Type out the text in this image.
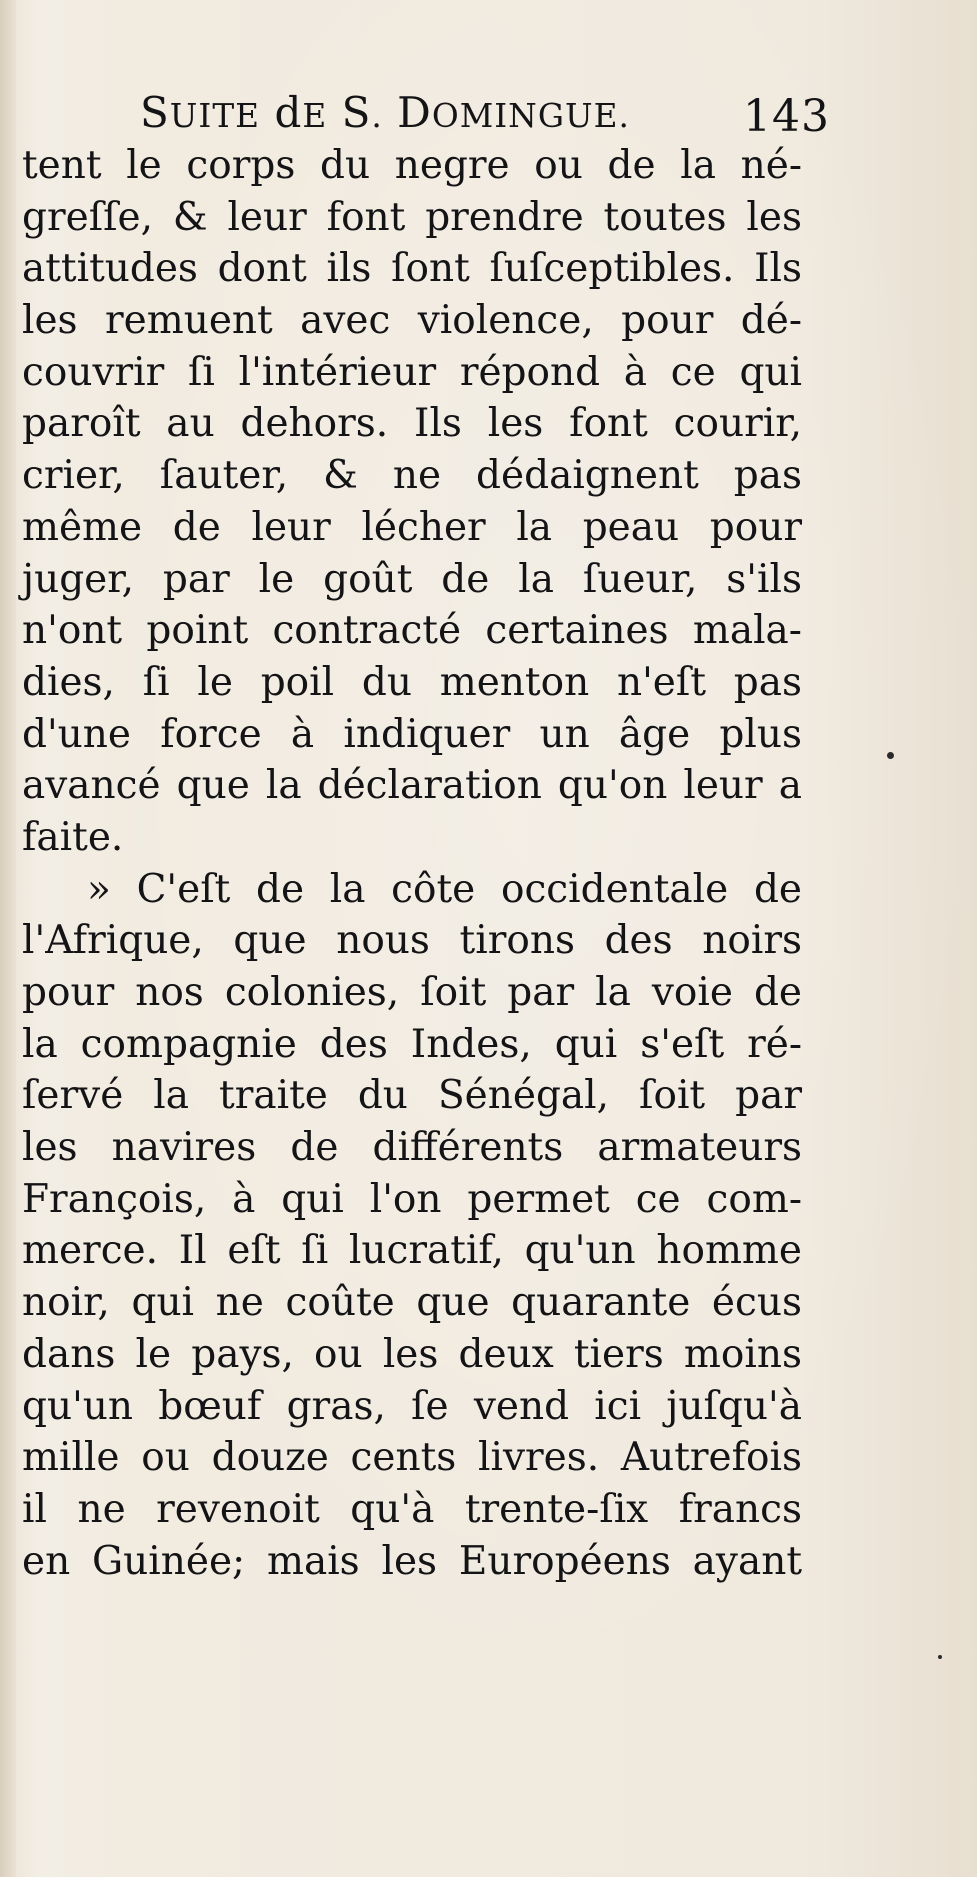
SUITE dE S. DOMINGUE.	143
tent le corps du negre ou de la né-
greſſe, & leur font prendre toutes les
attitudes dont ils ſont ſuſceptibles. Ils
les remuent avec violence, pour dé-
couvrir ſi l'intérieur répond à ce qui
paroît au dehors. Ils les font courir,
crier, ſauter, & ne dédaignent pas
même de leur lécher la peau pour
juger, par le goût de la ſueur, s'ils
n'ont point contracté certaines mala-
dies, ſi le poil du menton n'eſt pas
d'une force à indiquer un âge plus
avancé que la déclaration qu'on leur a
faite.
» C'eſt de la côte occidentale de
l'Afrique, que nous tirons des noirs
pour nos colonies, ſoit par la voie de
la compagnie des Indes, qui s'eſt ré-
ſervé la traite du Sénégal, ſoit par
les navires de différents armateurs
François, à qui l'on permet ce com-
merce. Il eſt ſi lucratif, qu'un homme
noir, qui ne coûte que quarante écus
dans le pays, ou les deux tiers moins
qu'un bœuf gras, ſe vend ici juſqu'à
mille ou douze cents livres. Autrefois
il ne revenoit qu'à trente-ſix francs
en Guinée; mais les Européens ayant
